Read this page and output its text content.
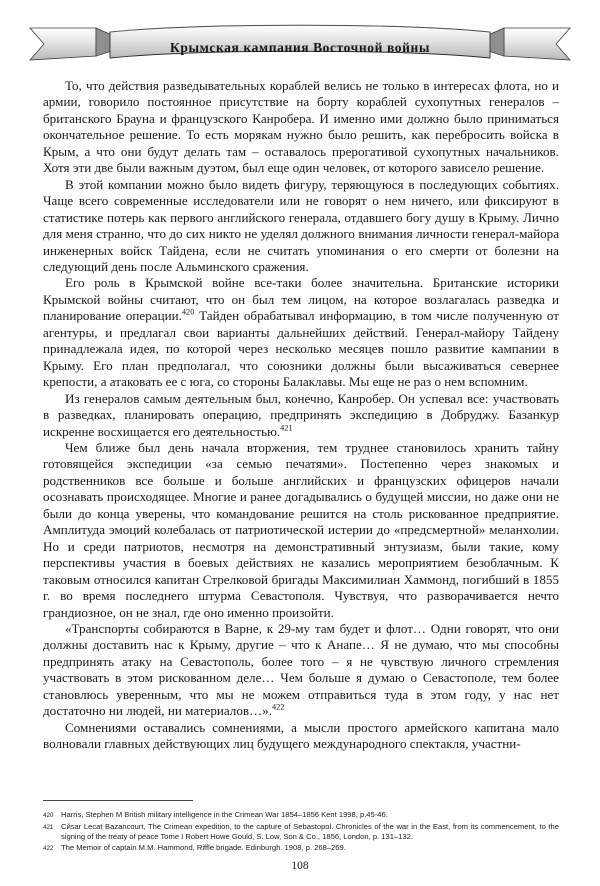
Крымская кампания Восточной войны

То, что действия разведывательных кораблей велись не только в интересах флота, но и армии, говорило постоянное присутствие на борту кораблей сухопутных генералов – британского Брауна и французского Канробера. И именно ими должно было приниматься окончательное решение. То есть морякам нужно было решить, как перебросить войска в Крым, а что они будут делать там – оставалось прерогативой сухопутных начальников. Хотя эти две были важным дуэтом, был еще один человек, от которого зависело решение.

В этой компании можно было видеть фигуру, теряющуюся в последующих событиях. Чаще всего современные исследователи или не говорят о нем ничего, или фиксируют в статистике потерь как первого английского генерала, отдавшего богу душу в Крыму. Лично для меня странно, что до сих никто не уделял должного внимания личности генерал-майора инженерных войск Тайдена, если не считать упоминания о его смерти от болезни на следующий день после Альминского сражения.

Его роль в Крымской войне все-таки более значительна. Британские историки Крымской войны считают, что он был тем лицом, на которое возлагалась разведка и планирование операции.$^{420}$ Тайден обрабатывал информацию, в том числе полученную от агентуры, и предлагал свои варианты дальнейших действий. Генерал-майору Тайдену принадлежала идея, по которой через несколько месяцев пошло развитие кампании в Крыму. Его план предполагал, что союзники должны были высаживаться севернее крепости, а атаковать ее с юга, со стороны Балаклавы. Мы еще не раз о нем вспомним.

Из генералов самым деятельным был, конечно, Канробер. Он успевал все: участвовать в разведках, планировать операцию, предпринять экспедицию в Добруджу. Базанкур искренне восхищается его деятельностью.$^{421}$

Чем ближе был день начала вторжения, тем труднее становилось хранить тайну готовящейся экспедиции «за семью печатями». Постепенно через знакомых и родственников все больше и больше английских и французских офицеров начали осознавать происходящее. Многие и ранее догадывались о будущей миссии, но даже они не были до конца уверены, что командование решится на столь рискованное предприятие. Амплитуда эмоций колебалась от патриотической истерии до «предсмертной» меланхолии. Но и среди патриотов, несмотря на демонстративный энтузиазм, были такие, кому перспективы участия в боевых действиях не казались мероприятием безоблачным. К таковым относился капитан Стрелковой бригады Максимилиан Хаммонд, погибший в 1855 г. во время последнего штурма Севастополя. Чувствуя, что разворачивается нечто грандиозное, он не знал, где оно именно произойти.

«Транспорты собираются в Варне, к 29-му там будет и флот… Одни говорят, что они должны доставить нас к Крыму, другие – что к Анапе… Я не думаю, что мы способны предпринять атаку на Севастополь, более того – я не чувствую личного стремления участвовать в этом рискованном деле… Чем больше я думаю о Севастополе, тем более становлюсь уверенным, что мы не можем отправиться туда в этом году, у нас нет достаточно ни людей, ни материалов…».$^{422}$

Сомнениями оставались сомнениями, а мысли простого армейского капитана мало волновали главных действующих лиц будущего международного спектакля, участни-

420	Harris, Stephen M British military intelligence in the Crimean War 1854–1856 Kent 1998, p.45-46.
421	Cйsar Lecat Bazancourt, The Crimean expedition, to the capture of Sebastopol. Chronicles of the war in the East, from its commencement, to the signing of the treaty of peace Tome I Robert Howe Gould, S. Low, Son & Co., 1856, London, p. 131–132.
422	The Memoir of captain M.M. Hammond, Riffle brigade. Edinburgh. 1908, p. 268–269.
108
